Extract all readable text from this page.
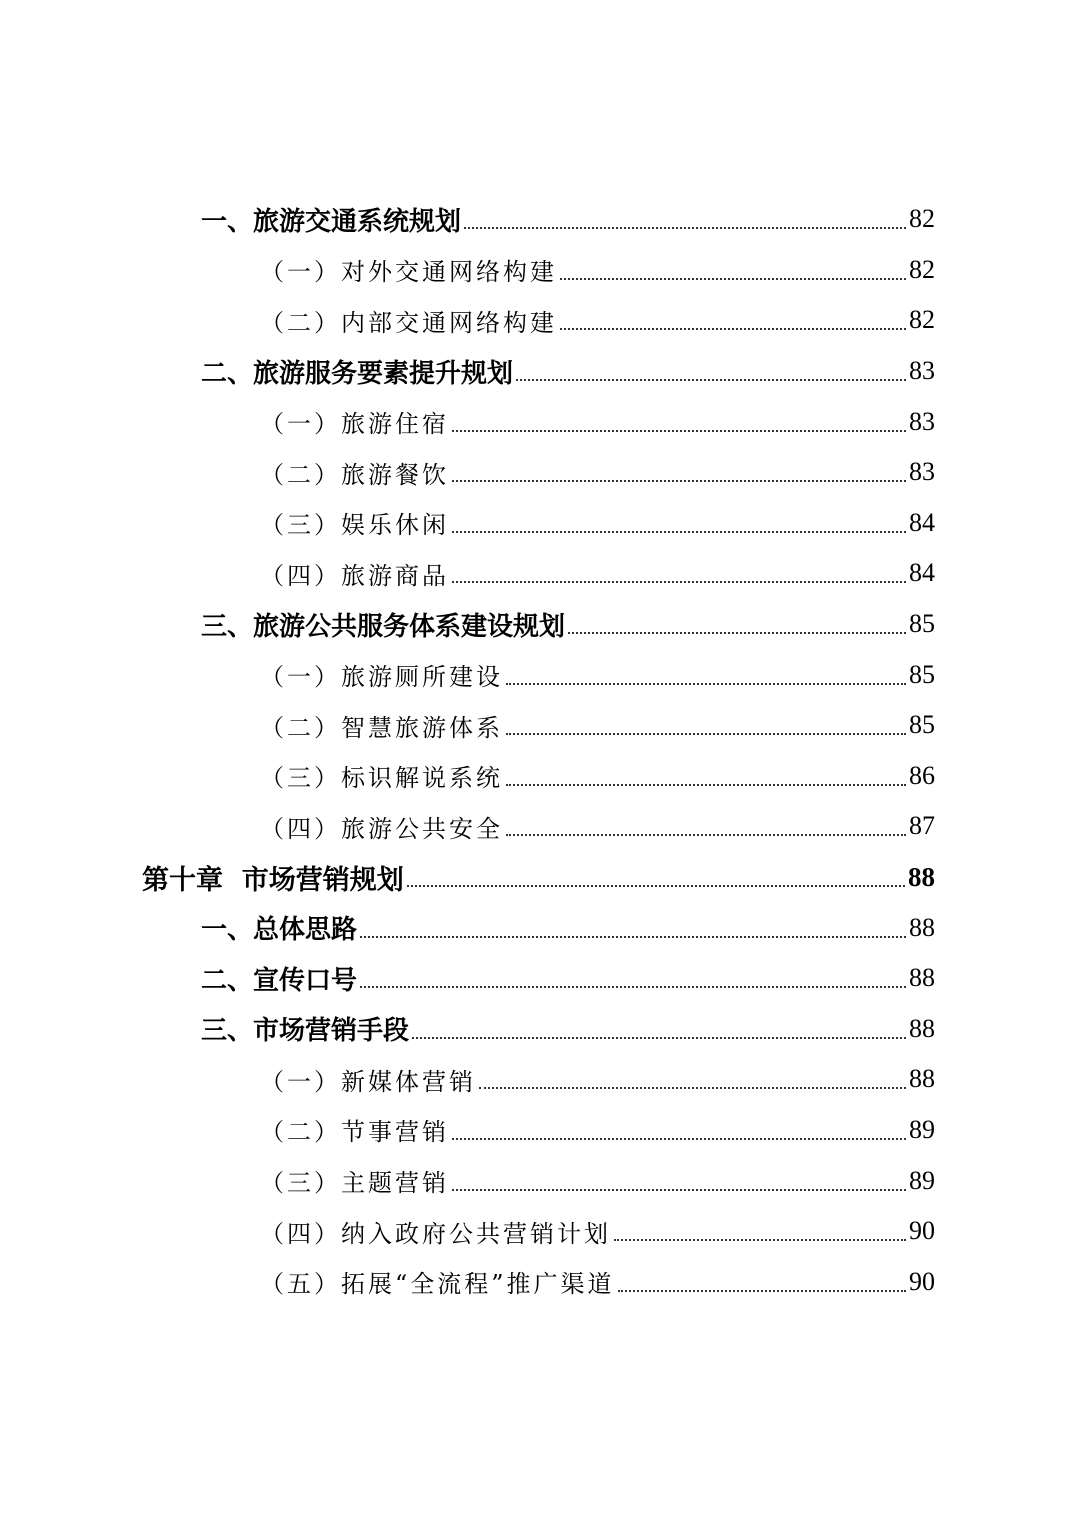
一、旅游交通系统规划	82
（一）对外交通网络构建	82
（二）内部交通网络构建	82
二、旅游服务要素提升规划	83
（一）旅游住宿	83
（二）旅游餐饮	83
（三）娱乐休闲	84
（四）旅游商品	84
三、旅游公共服务体系建设规划	85
（一）旅游厕所建设	85
（二）智慧旅游体系	85
（三）标识解说系统	86
（四）旅游公共安全	87
第十章  市场营销规划	88
一、总体思路	88
二、宣传口号	88
三、市场营销手段	88
（一）新媒体营销	88
（二）节事营销	89
（三）主题营销	89
（四）纳入政府公共营销计划	90
（五）拓展“全流程”推广渠道	90
